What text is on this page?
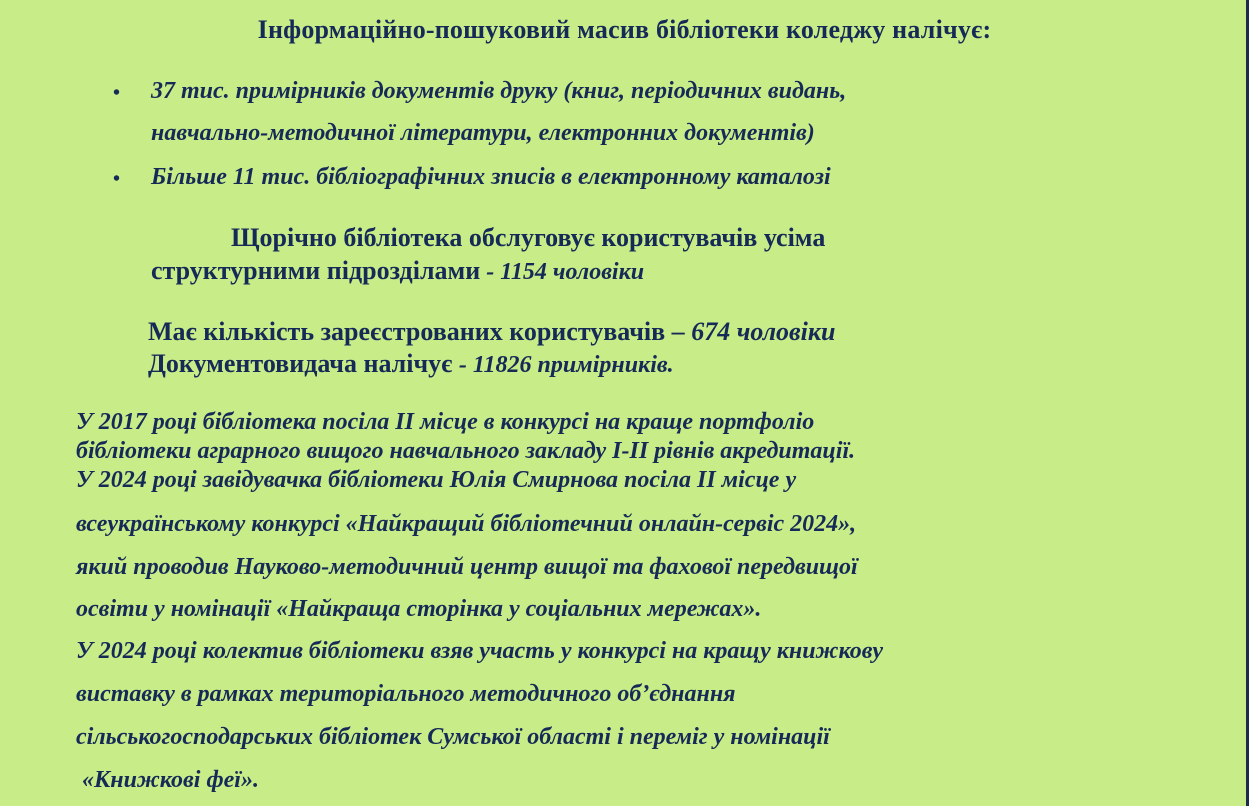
Інформаційно-пошуковий масив бібліотеки коледжу налічує:
• 37 тис. примірників документів друку (книг, періодичних видань,
навчально-методичної літератури, електронних документів)
• Більше 11 тис. бібліографічних зписів в електронному каталозі
Щорічно бібліотека обслуговує користувачів усіма
структурними підрозділами - 1154 чоловіки
Має кількість зареєстрованих користувачів – 674 чоловіки
Документовидача налічує - 11826 примірників.
У 2017 році бібліотека посіла ІІ місце в конкурсі на краще портфоліо
бібліотеки аграрного вищого навчального закладу І-ІІ рівнів акредитації.
У 2024 році завідувачка бібліотеки Юлія Смирнова посіла ІІ місце у
всеукраїнському конкурсі «Найкращий бібліотечний онлайн-сервіс 2024»,
який проводив Науково-методичний центр вищої та фахової передвищої
освіти у номінації «Найкраща сторінка у соціальних мережах».
У 2024 році колектив бібліотеки взяв участь у конкурсі на кращу книжкову
виставку в рамках територіального методичного об’єднання
сільськогосподарських бібліотек Сумської області і переміг у номінації
«Книжкові феї».
